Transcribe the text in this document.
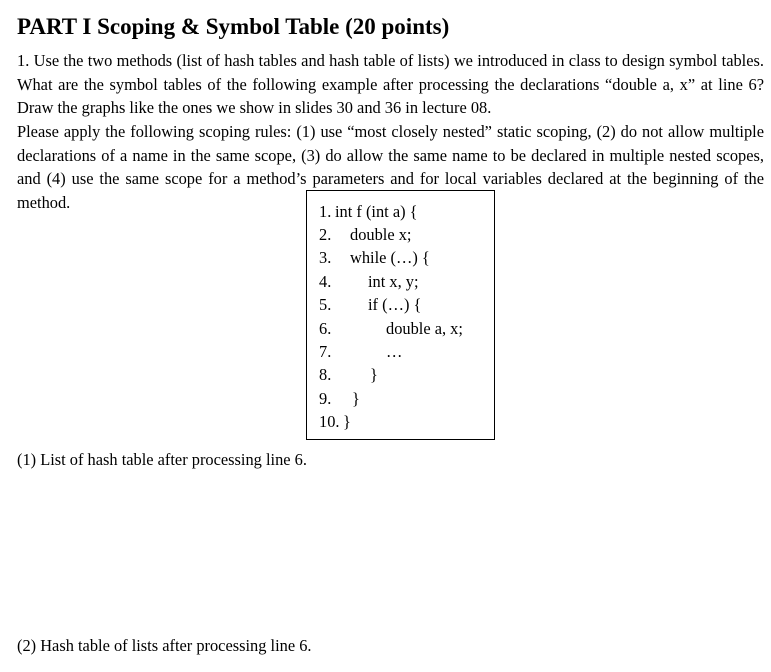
PART I Scoping & Symbol Table (20 points)

1. Use the two methods (list of hash tables and hash table of lists) we introduced in class to design symbol tables. What are the symbol tables of the following example after processing the declarations “double a, x” at line 6? Draw the graphs like the ones we show in slides 30 and 36 in lecture 08.

Please apply the following scoping rules: (1) use “most closely nested” static scoping, (2) do not allow multiple declarations of a name in the same scope, (3) do allow the same name to be declared in multiple nested scopes, and (4) use the same scope for a method’s parameters and for local variables declared at the beginning of the method.	1. int f (int a) {
2. double x;
3. while (…) {
4. int x, y;
5. if (…) {
6.	double a, x;
7.	…
8. }
9. }
10. }

(1) List of hash table after processing line 6.

(2) Hash table of lists after processing line 6.
